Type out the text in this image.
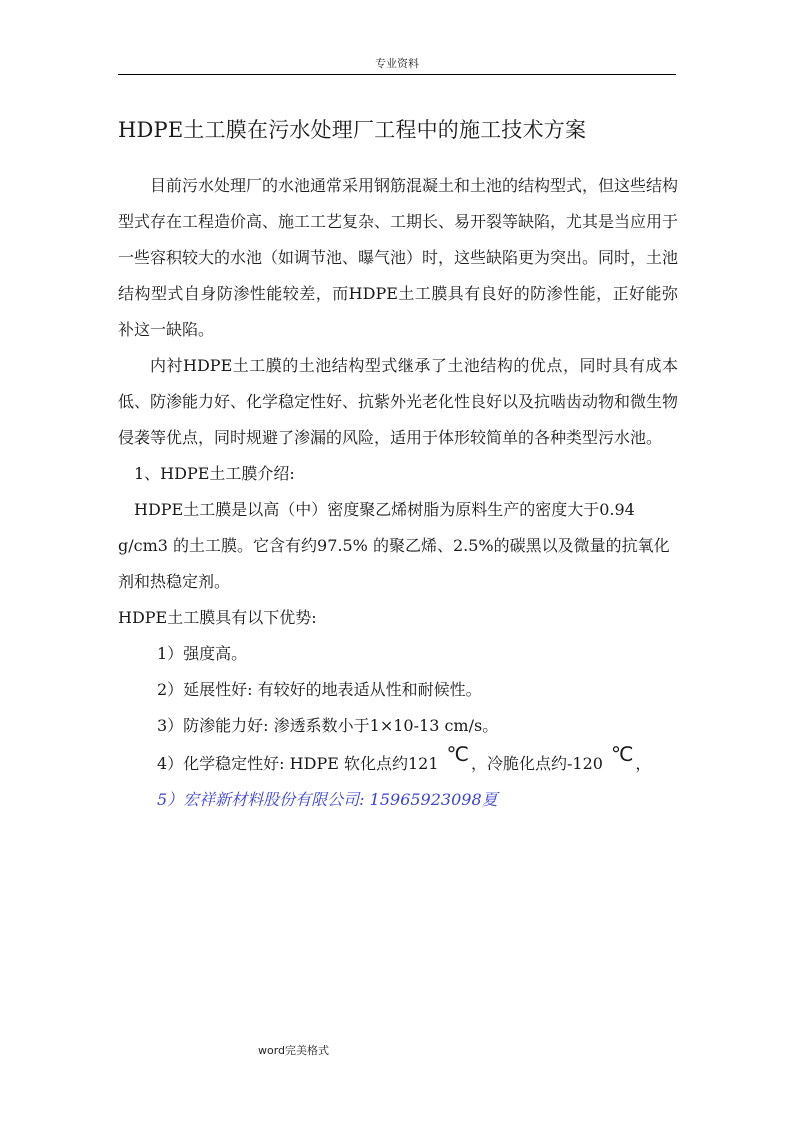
专业资料
HDPE土工膜在污水处理厂工程中的施工技术方案

目前污水处理厂的水池通常采用钢筋混凝土和土池的结构型式，但这些结构型式存在工程造价高、施工工艺复杂、工期长、易开裂等缺陷，尤其是当应用于一些容积较大的水池（如调节池、曝气池）时，这些缺陷更为突出。同时，土池结构型式自身防渗性能较差，而HDPE土工膜具有良好的防渗性能，正好能弥补这一缺陷。

内衬HDPE土工膜的土池结构型式继承了土池结构的优点，同时具有成本低、防渗能力好、化学稳定性好、抗紫外光老化性良好以及抗啮齿动物和微生物侵袭等优点，同时规避了渗漏的风险，适用于体形较简单的各种类型污水池。

1、HDPE土工膜介绍:

HDPE土工膜是以高（中）密度聚乙烯树脂为原料生产的密度大于0.94 g/cm3 的土工膜。它含有约97.5% 的聚乙烯、2.5%的碳黑以及微量的抗氧化剂和热稳定剂。

HDPE土工膜具有以下优势:

1）强度高。

2）延展性好: 有较好的地表适从性和耐候性。

3）防渗能力好: 渗透系数小于1×10-13 cm/s。

4）化学稳定性好: HDPE 软化点约121 ℃ ，冷脆化点约-120 ℃ ，

5）宏祥新材料股份有限公司: 15965923098夏

word完美格式
